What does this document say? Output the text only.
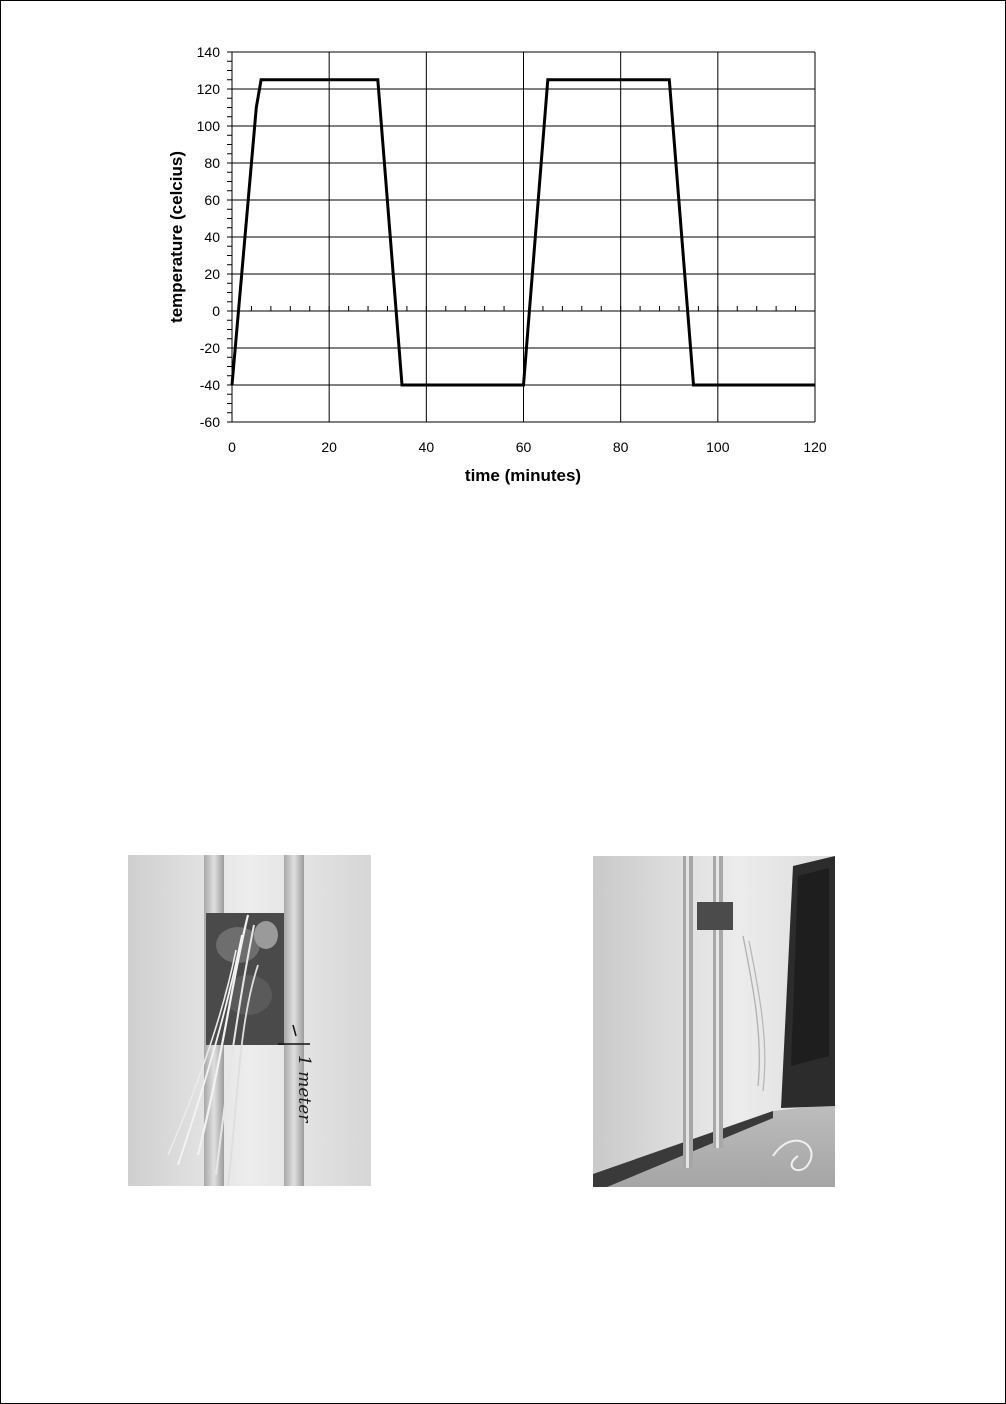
-60
-40
-20
0
20
40
60
80
100
120
140
0	20	40	60	80	100	120
time (minutes)
temperature (celcius)
1 meter
